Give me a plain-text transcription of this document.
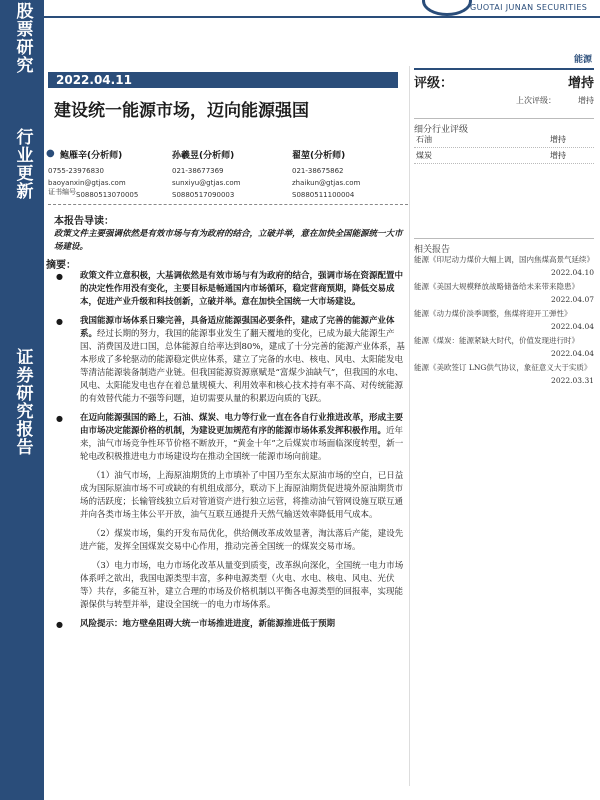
股票研究
行业更新
证券研究报告
GUOTAI JUNAN SECURITIES
能源
2022.04.11
建设统一能源市场，迈向能源强国
评级：	增持
上次评级：	增持
细分行业评级
石油	增持
煤炭	增持
● 鲍雁辛(分析师)
0755-23976830
baoyanxin@gtjas.com
S0880513070005
证书编号
孙羲昱(分析师)
021-38677369
sunxiyu@gtjas.com
S0880517090003
翟堃(分析师)
021-38675862
zhaikun@gtjas.com
S0880511100004
本报告导读：
政策文件主要强调依然是有效市场与有为政府的结合，立破并举，意在加快全国能源统一大市场建设。
摘要：
● 政策文件立意积极，大基调依然是有效市场与有为政府的结合，强调市场在资源配置中的决定性作用没有变化，主要目标是畅通国内市场循环，稳定营商预期，降低交易成本，促进产业升级和科技创新，立破并举。意在加快全国统一大市场建设。
● 我国能源市场体系日臻完善，具备适应能源强国必要条件，建成了完善的能源产业体系。经过长期的努力，我国的能源事业发生了翻天覆地的变化，已成为最大能源生产国、消费国及进口国，总体能源自给率达到80%，建成了十分完善的能源产业体系，基本形成了多轮驱动的能源稳定供应体系，建立了完备的水电、核电、风电、太阳能发电等清洁能源装备制造产业链。但我国能源资源禀赋是“富煤少油缺气”，但我国的水电、风电、太阳能发电也存在着总量规模大、利用效率和核心技术持有率不高、对传统能源的有效替代能力不强等问题，迫切需要从量的积累迈向质的飞跃。
● 在迈向能源强国的路上，石油、煤炭、电力等行业一直在各自行业推进改革，形成主要由市场决定能源价格的机制，为建设更加规范有序的能源市场体系发挥积极作用。近年来，油气市场竞争性环节价格不断放开，“黄金十年”之后煤炭市场面临深度转型，新一轮电改积极推进电力市场建设均在推动全国统一能源市场向前建。
（1）油气市场，上海原油期货的上市填补了中国乃至东太原油市场的空白，已日益成为国际原油市场不可或缺的有机组成部分，联动下上海原油期货促进境外原油期货市场的活跃度；长输管线独立后对管道资产进行独立运营，将推动油气管网设施互联互通并向各类市场主体公平开放，油气互联互通提升天然气输送效率降低用气成本。
（2）煤炭市场，集约开发布局优化，供给侧改革成效显著，淘汰落后产能，建设先进产能，发挥全国煤炭交易中心作用，推动完善全国统一的煤炭交易市场。
（3）电力市场，电力市场化改革从量变到质变，改革纵向深化，全国统一电力市场体系呼之欲出，我国电源类型丰富，多种电源类型（火电、水电、核电、风电、光伏等）共存，多能互补，建立合理的市场及价格机制以平衡各电源类型的回报率，实现能源保供与转型并举，建设全国统一的电力市场体系。
● 风险提示：地方壁垒阻碍大统一市场推进进度，新能源推进低于预期
相关报告
能源《印尼动力煤价大幅上调，国内焦煤高景气延续》
2022.04.10
能源《美国大规模释放战略储备给未来带来隐患》
2022.04.07
能源《动力煤价淡季调整，焦煤将迎开工弹性》
2022.04.04
能源《煤炭：能源紧缺大时代，价值发现进行时》
2022.04.04
能源《美欧签订 LNG供气协议，象征意义大于实质》
2022.03.31
